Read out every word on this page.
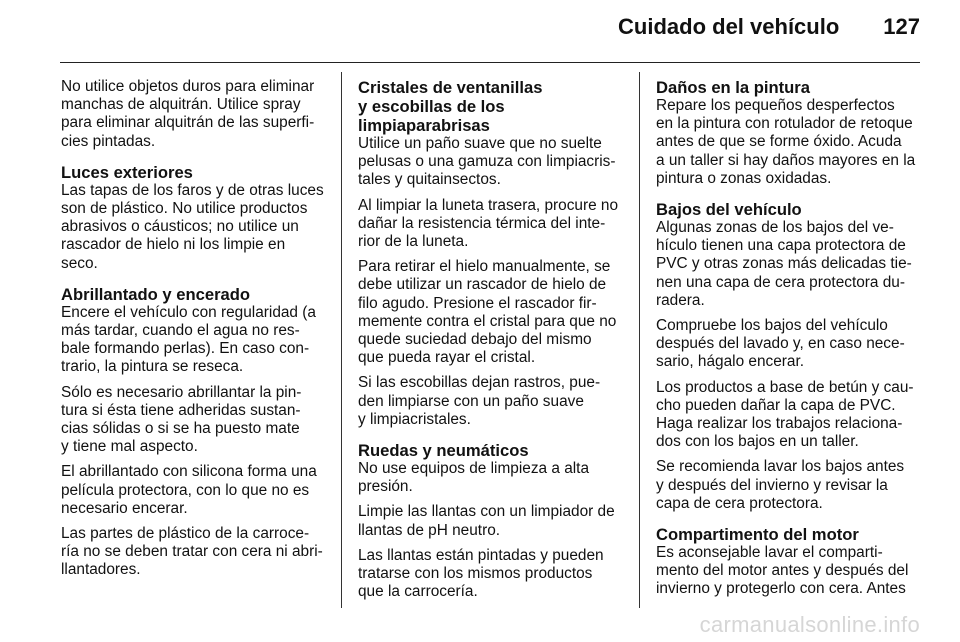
Cuidado del vehículo 127
No utilice objetos duros para eliminar
manchas de alquitrán. Utilice spray
para eliminar alquitrán de las superfi-
cies pintadas.
Luces exteriores
Las tapas de los faros y de otras luces
son de plástico. No utilice productos
abrasivos o cáusticos; no utilice un
rascador de hielo ni los limpie en
seco.
Abrillantado y encerado
Encere el vehículo con regularidad (a
más tardar, cuando el agua no res-
bale formando perlas). En caso con-
trario, la pintura se reseca.
Sólo es necesario abrillantar la pin-
tura si ésta tiene adheridas sustan-
cias sólidas o si se ha puesto mate
y tiene mal aspecto.
El abrillantado con silicona forma una
película protectora, con lo que no es
necesario encerar.
Las partes de plástico de la carroce-
ría no se deben tratar con cera ni abri-
llantadores.
Cristales de ventanillas
y escobillas de los
limpiaparabrisas
Utilice un paño suave que no suelte
pelusas o una gamuza con limpiacris-
tales y quitainsectos.
Al limpiar la luneta trasera, procure no
dañar la resistencia térmica del inte-
rior de la luneta.
Para retirar el hielo manualmente, se
debe utilizar un rascador de hielo de
filo agudo. Presione el rascador fir-
memente contra el cristal para que no
quede suciedad debajo del mismo
que pueda rayar el cristal.
Si las escobillas dejan rastros, pue-
den limpiarse con un paño suave
y limpiacristales.
Ruedas y neumáticos
No use equipos de limpieza a alta
presión.
Limpie las llantas con un limpiador de
llantas de pH neutro.
Las llantas están pintadas y pueden
tratarse con los mismos productos
que la carrocería.
Daños en la pintura
Repare los pequeños desperfectos
en la pintura con rotulador de retoque
antes de que se forme óxido. Acuda
a un taller si hay daños mayores en la
pintura o zonas oxidadas.
Bajos del vehículo
Algunas zonas de los bajos del ve-
hículo tienen una capa protectora de
PVC y otras zonas más delicadas tie-
nen una capa de cera protectora du-
radera.
Compruebe los bajos del vehículo
después del lavado y, en caso nece-
sario, hágalo encerar.
Los productos a base de betún y cau-
cho pueden dañar la capa de PVC.
Haga realizar los trabajos relaciona-
dos con los bajos en un taller.
Se recomienda lavar los bajos antes
y después del invierno y revisar la
capa de cera protectora.
Compartimento del motor
Es aconsejable lavar el comparti-
mento del motor antes y después del
invierno y protegerlo con cera. Antes
carmanualsonline.info
